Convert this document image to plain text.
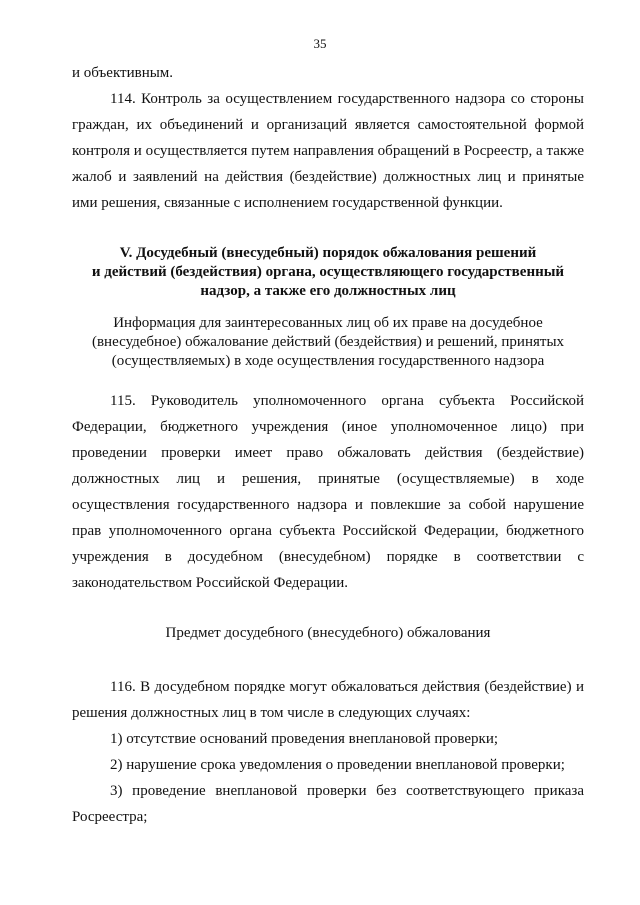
35

и объективным.

114. Контроль за осуществлением государственного надзора со стороны граждан, их объединений и организаций является самостоятельной формой контроля и осуществляется путем направления обращений в Росреестр, а также жалоб и заявлений на действия (бездействие) должностных лиц и принятые ими решения, связанные с исполнением государственной функции.

V. Досудебный (внесудебный) порядок обжалования решений

и действий (бездействия) органа, осуществляющего государственный

надзор, а также его должностных лиц

Информация для заинтересованных лиц об их праве на досудебное

(внесудебное) обжалование действий (бездействия) и решений, принятых

(осуществляемых) в ходе осуществления государственного надзора

115. Руководитель уполномоченного органа субъекта Российской Федерации, бюджетного учреждения (иное уполномоченное лицо) при проведении проверки имеет право обжаловать действия (бездействие) должностных лиц и решения, принятые (осуществляемые) в ходе осуществления государственного надзора и повлекшие за собой нарушение прав уполномоченного органа субъекта Российской Федерации, бюджетного учреждения в досудебном (внесудебном) порядке в соответствии с законодательством Российской Федерации.

Предмет досудебного (внесудебного) обжалования

116. В досудебном порядке могут обжаловаться действия (бездействие) и решения должностных лиц в том числе в следующих случаях:

1) отсутствие оснований проведения внеплановой проверки;

2) нарушение срока уведомления о проведении внеплановой проверки;

3) проведение внеплановой проверки без соответствующего приказа Росреестра;
